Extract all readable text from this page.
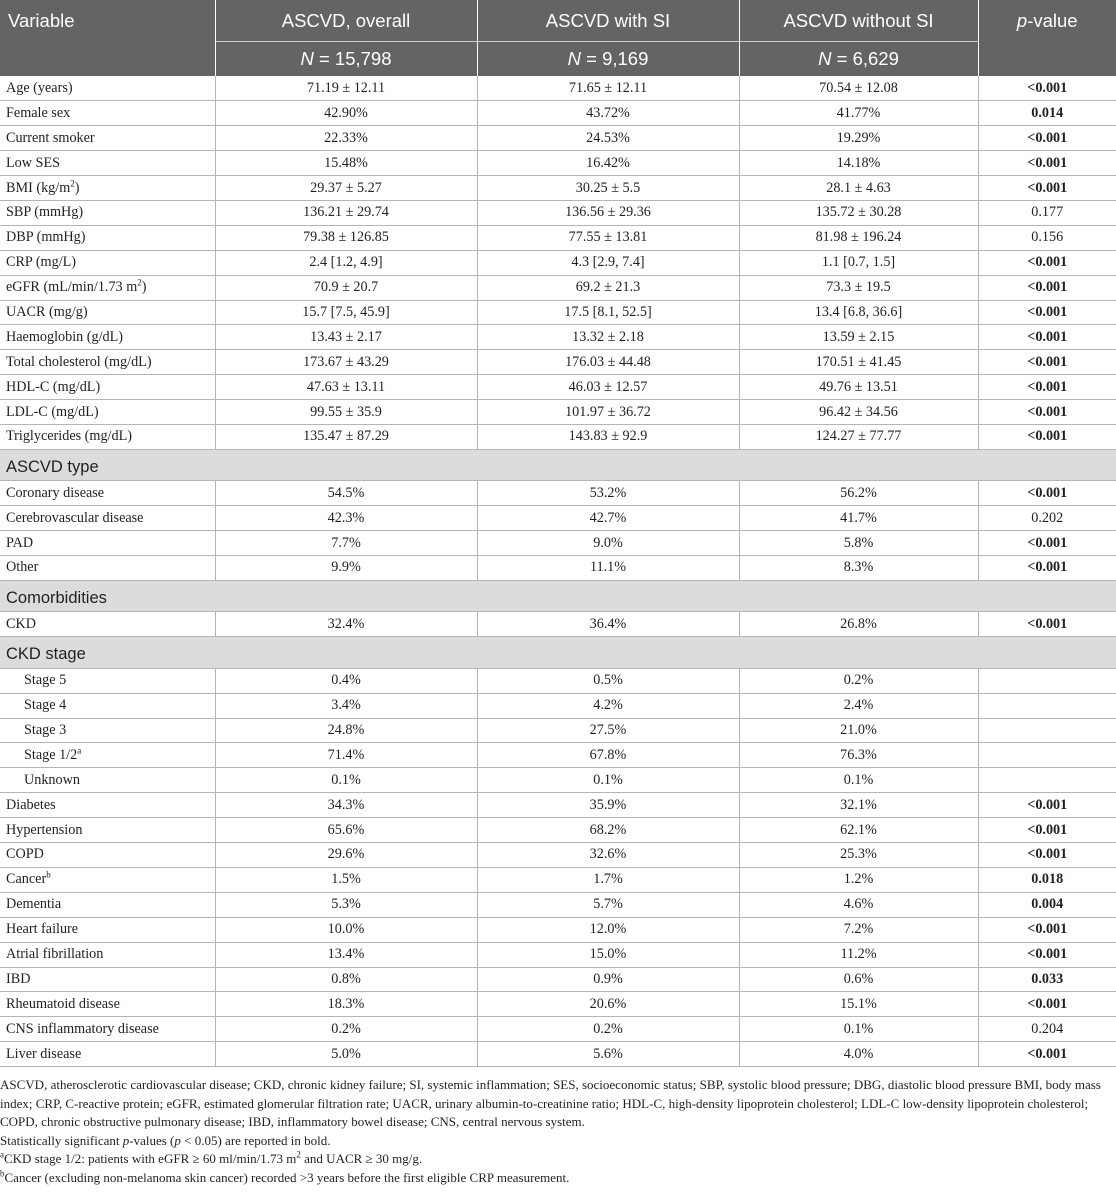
Variable	ASCVD, overall	ASCVD with SI	ASCVD without SI	p-value
	N = 15,798	N = 9,169	N = 6,629	
Age (years)	71.19 ± 12.11	71.65 ± 12.11	70.54 ± 12.08	<0.001
Female sex	42.90%	43.72%	41.77%	0.014
Current smoker	22.33%	24.53%	19.29%	<0.001
Low SES	15.48%	16.42%	14.18%	<0.001
BMI $(kg/m^2)$	29.37 ± 5.27	30.25 ± 5.5	28.1 ± 4.63	<0.001
SBP (mmHg)	136.21 ± 29.74	136.56 ± 29.36	135.72 ± 30.28	0.177
DBP (mmHg)	79.38 ± 126.85	77.55 ± 13.81	81.98 ± 196.24	0.156
CRP (mg/L)	2.4 [1.2, 4.9]	4.3 [2.9, 7.4]	1.1 [0.7, 1.5]	<0.001
eGFR (mL/min/1.73 $m^2$)	70.9 ± 20.7	69.2 ± 21.3	73.3 ± 19.5	<0.001
UACR (mg/g)	15.7 [7.5, 45.9]	17.5 [8.1, 52.5]	13.4 [6.8, 36.6]	<0.001
Haemoglobin (g/dL)	13.43 ± 2.17	13.32 ± 2.18	13.59 ± 2.15	<0.001
Total cholesterol (mg/dL)	173.67 ± 43.29	176.03 ± 44.48	170.51 ± 41.45	<0.001
HDL-C (mg/dL)	47.63 ± 13.11	46.03 ± 12.57	49.76 ± 13.51	<0.001
LDL-C (mg/dL)	99.55 ± 35.9	101.97 ± 36.72	96.42 ± 34.56	<0.001
Triglycerides (mg/dL)	135.47 ± 87.29	143.83 ± 92.9	124.27 ± 77.77	<0.001
ASCVD type				
Coronary disease	54.5%	53.2%	56.2%	<0.001
Cerebrovascular disease	42.3%	42.7%	41.7%	0.202
PAD	7.7%	9.0%	5.8%	<0.001
Other	9.9%	11.1%	8.3%	<0.001
Comorbidities				
CKD	32.4%	36.4%	26.8%	<0.001
CKD stage				
Stage 5	0.4%	0.5%	0.2%	
Stage 4	3.4%	4.2%	2.4%	
Stage 3	24.8%	27.5%	21.0%	
Stage 1/2$^a$	71.4%	67.8%	76.3%	
Unknown	0.1%	0.1%	0.1%	
Diabetes	34.3%	35.9%	32.1%	<0.001
Hypertension	65.6%	68.2%	62.1%	<0.001
COPD	29.6%	32.6%	25.3%	<0.001
Cancer$^b$	1.5%	1.7%	1.2%	0.018
Dementia	5.3%	5.7%	4.6%	0.004
Heart failure	10.0%	12.0%	7.2%	<0.001
Atrial fibrillation	13.4%	15.0%	11.2%	<0.001
IBD	0.8%	0.9%	0.6%	0.033
Rheumatoid disease	18.3%	20.6%	15.1%	<0.001
CNS inflammatory disease	0.2%	0.2%	0.1%	0.204
Liver disease	5.0%	5.6%	4.0%	<0.001

ASCVD, atherosclerotic cardiovascular disease; CKD, chronic kidney failure; SI, systemic inflammation; SES, socioeconomic status; SBP, systolic blood pressure; DBG, diastolic blood pressure BMI, body mass index; CRP, C-reactive protein; eGFR, estimated glomerular filtration rate; UACR, urinary albumin-to-creatinine ratio; HDL-C, high-density lipoprotein cholesterol; LDL-C low-density lipoprotein cholesterol; COPD, chronic obstructive pulmonary disease; IBD, inflammatory bowel disease; CNS, central nervous system.

Statistically significant p-values (p < 0.05) are reported in bold.

$^a$CKD stage 1/2: patients with eGFR ≥ 60 ml/min/1.73 $m^2$ and UACR ≥ 30 mg/g.

$^b$Cancer (excluding non-melanoma skin cancer) recorded >3 years before the first eligible CRP measurement.
